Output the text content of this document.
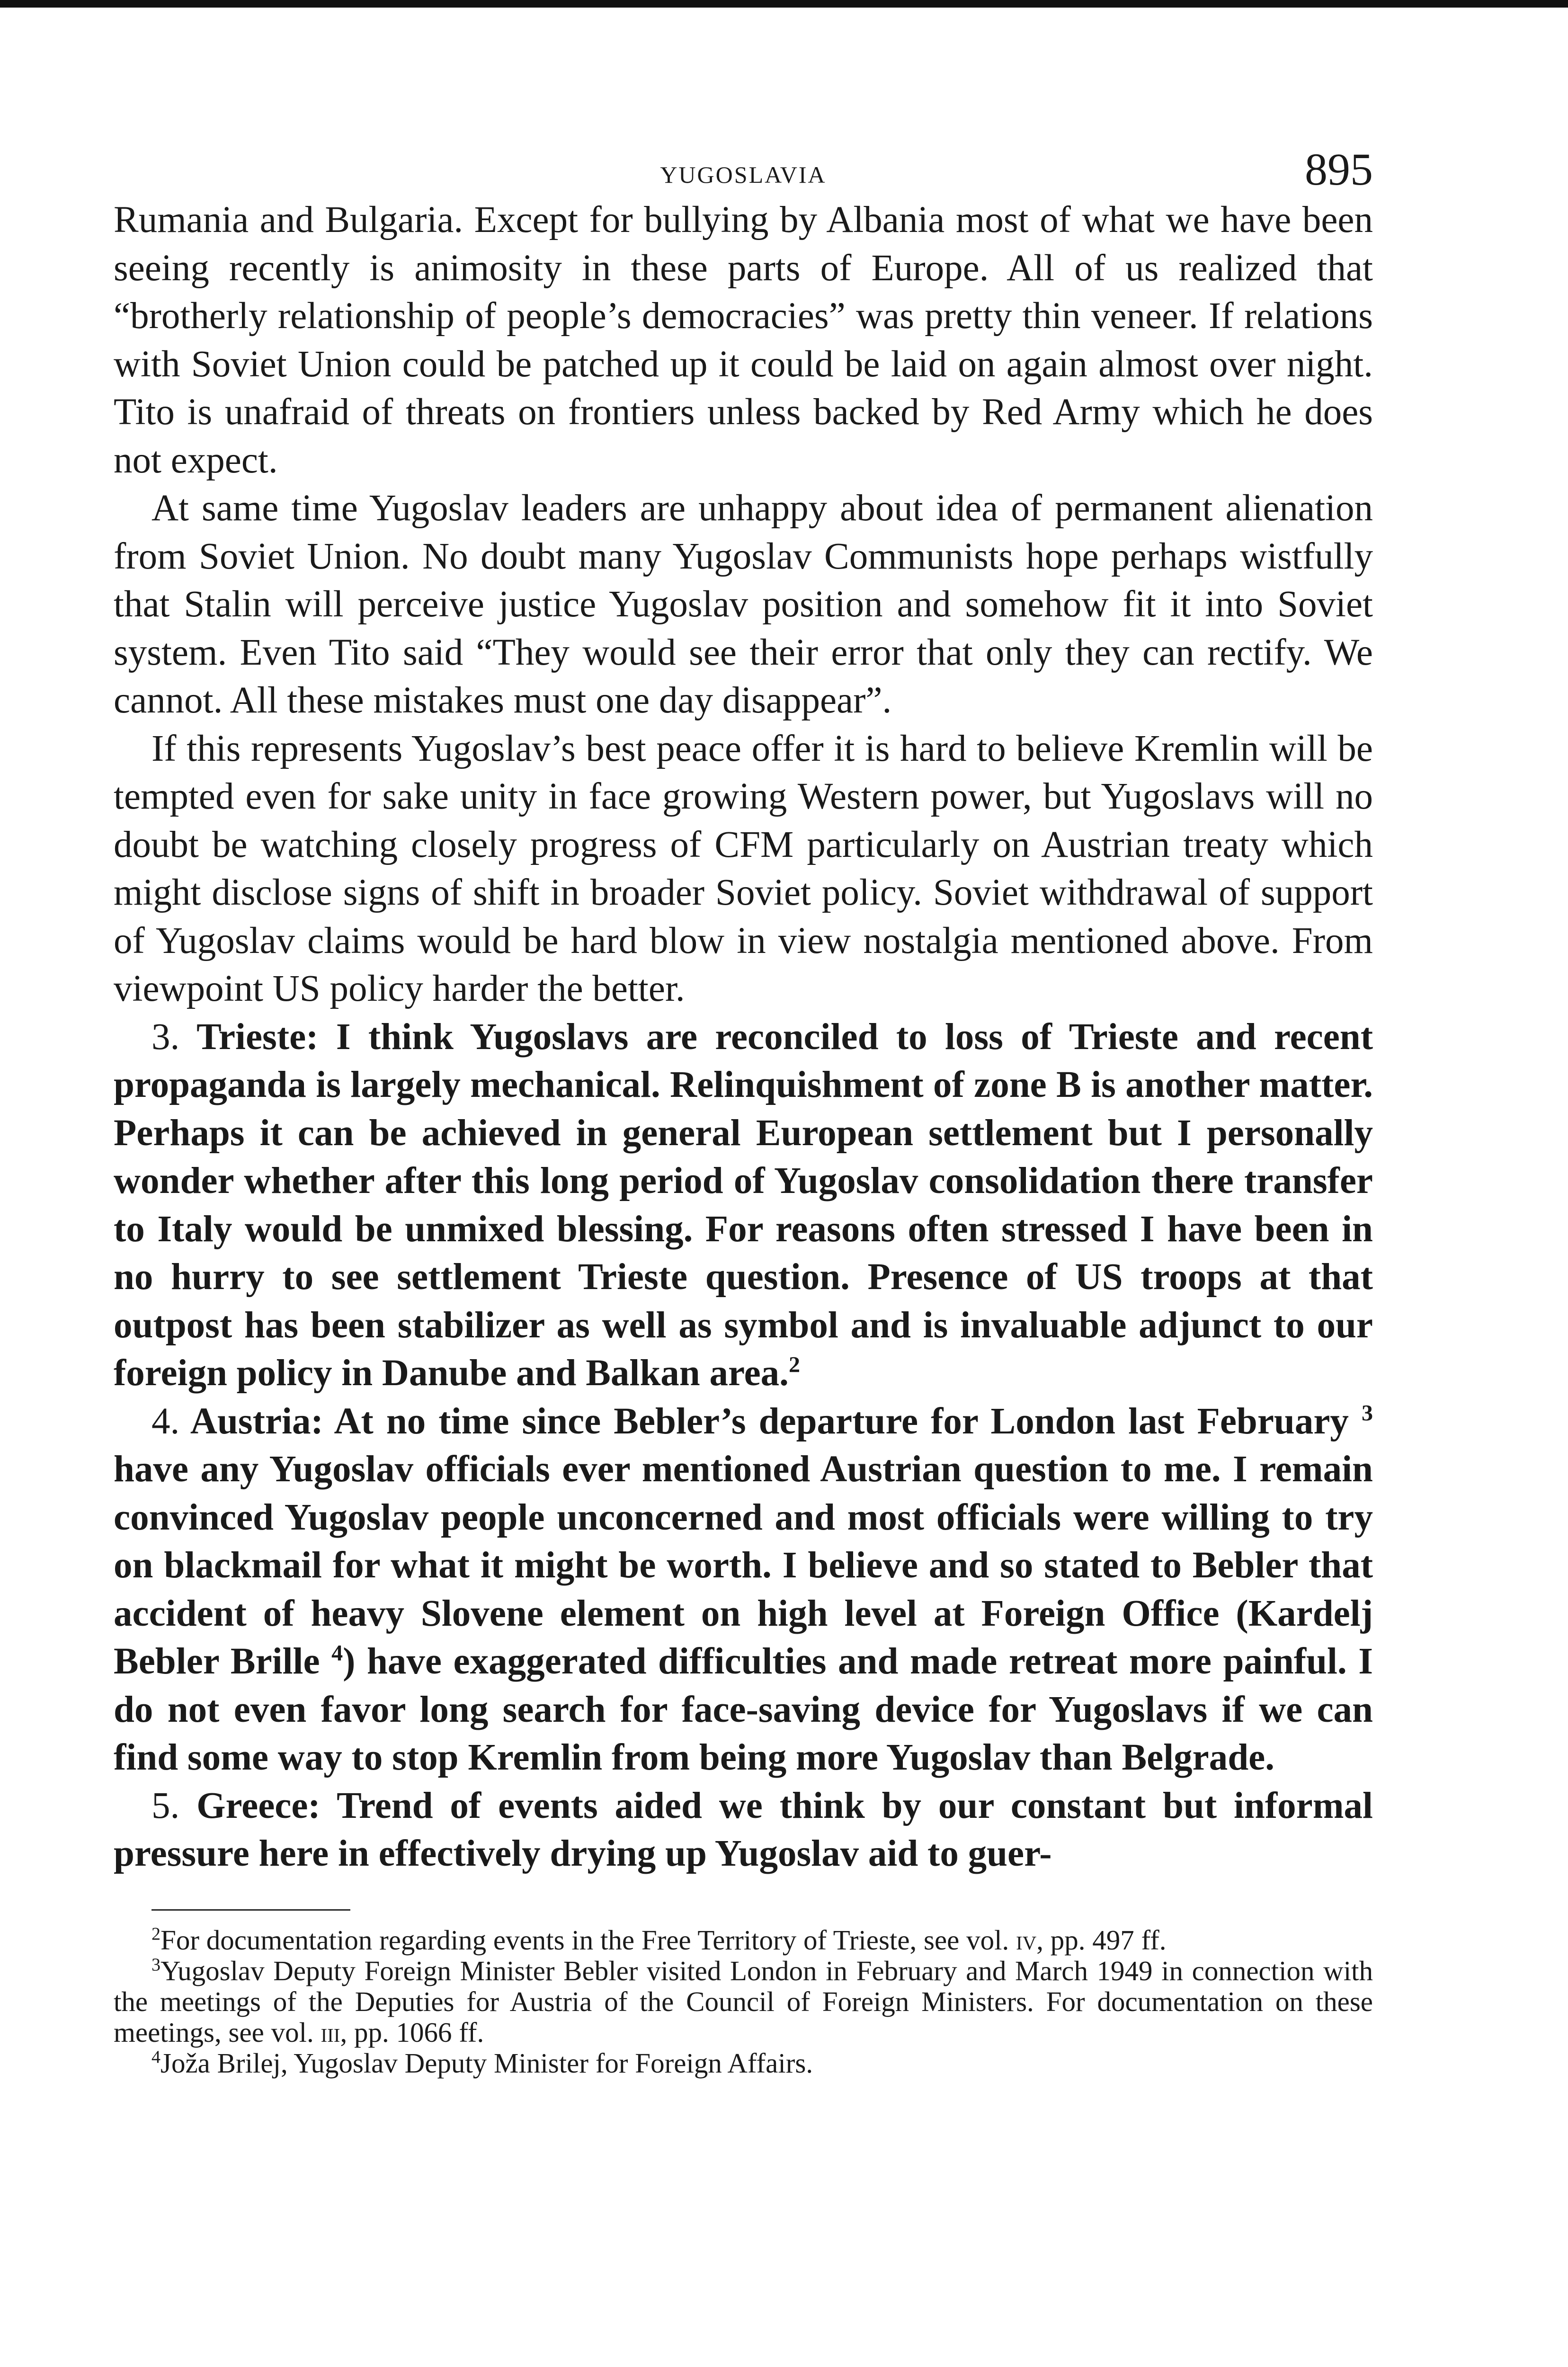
YUGOSLAVIA	895

Rumania and Bulgaria. Except for bullying by Albania most of what we have been seeing recently is animosity in these parts of Europe. All of us realized that “brotherly relationship of people’s democracies” was pretty thin veneer. If relations with Soviet Union could be patched up it could be laid on again almost over night. Tito is unafraid of threats on frontiers unless backed by Red Army which he does not expect.

At same time Yugoslav leaders are unhappy about idea of permanent alienation from Soviet Union. No doubt many Yugoslav Communists hope perhaps wistfully that Stalin will perceive justice Yugoslav position and somehow fit it into Soviet system. Even Tito said “They would see their error that only they can rectify. We cannot. All these mistakes must one day disappear”.

If this represents Yugoslav’s best peace offer it is hard to believe Kremlin will be tempted even for sake unity in face growing Western power, but Yugoslavs will no doubt be watching closely progress of CFM particularly on Austrian treaty which might disclose signs of shift in broader Soviet policy. Soviet withdrawal of support of Yugoslav claims would be hard blow in view nostalgia mentioned above. From viewpoint US policy harder the better.

3. Trieste: I think Yugoslavs are reconciled to loss of Trieste and recent propaganda is largely mechanical. Relinquishment of zone B is another matter. Perhaps it can be achieved in general European settlement but I personally wonder whether after this long period of Yugoslav consolidation there transfer to Italy would be unmixed blessing. For reasons often stressed I have been in no hurry to see settlement Trieste question. Presence of US troops at that outpost has been stabilizer as well as symbol and is invaluable adjunct to our foreign policy in Danube and Balkan area.$^2$

4. Austria: At no time since Bebler’s departure for London last February $^3$ have any Yugoslav officials ever mentioned Austrian question to me. I remain convinced Yugoslav people unconcerned and most officials were willing to try on blackmail for what it might be worth. I believe and so stated to Bebler that accident of heavy Slovene element on high level at Foreign Office (Kardelj Bebler Brille $^4$) have exaggerated difficulties and made retreat more painful. I do not even favor long search for face-saving device for Yugoslavs if we can find some way to stop Kremlin from being more Yugoslav than Belgrade.

5. Greece: Trend of events aided we think by our constant but informal pressure here in effectively drying up Yugoslav aid to guer-

$^2$For documentation regarding events in the Free Territory of Trieste, see vol. iv, pp. 497 ff.

$^3$Yugoslav Deputy Foreign Minister Bebler visited London in February and March 1949 in connection with the meetings of the Deputies for Austria of the Council of Foreign Ministers. For documentation on these meetings, see vol. iii, pp. 1066 ff.

$^4$Joža Brilej, Yugoslav Deputy Minister for Foreign Affairs.
